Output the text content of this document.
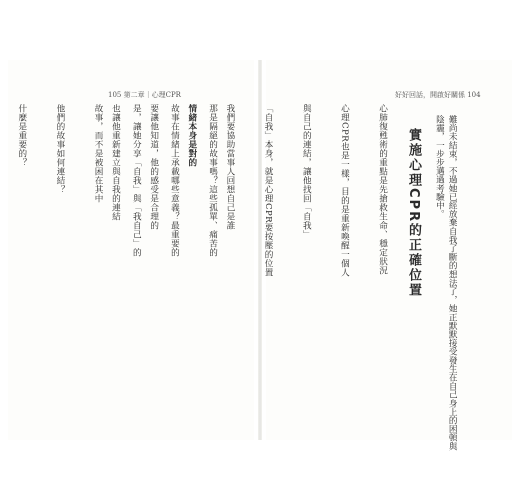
105 第二章｜心理CPR	好好回話，開啟好關係 104
實施心理CPR的正確位置	難尚未結束，不過她已經放棄自我了斷的想法了，她正默默接受發生在自己身上的困頓與
陰霾，一步步邁過考驗中。

心肺復甦術的重點是先搶救生命、穩定狀況

心理CPR也是一樣，目的是重新喚醒一個人

與自己的連結，讓他找回「自我」

「自我」本身，就是心理CPR要按壓的位置

我們要協助當事人回想自己是誰

情緒本身是對的

要讓他知道，他的感受是合理的

也讓他重新建立與自我的連結

	那是隔絕的故事嗎？這些孤單、痛苦的

故事在情緒上承載哪些意義？最重要的

是，讓她分享「自我」與「我自己」的

故事，而不是被困在其中

他們的故事如何連結？

什麼是重要的？
